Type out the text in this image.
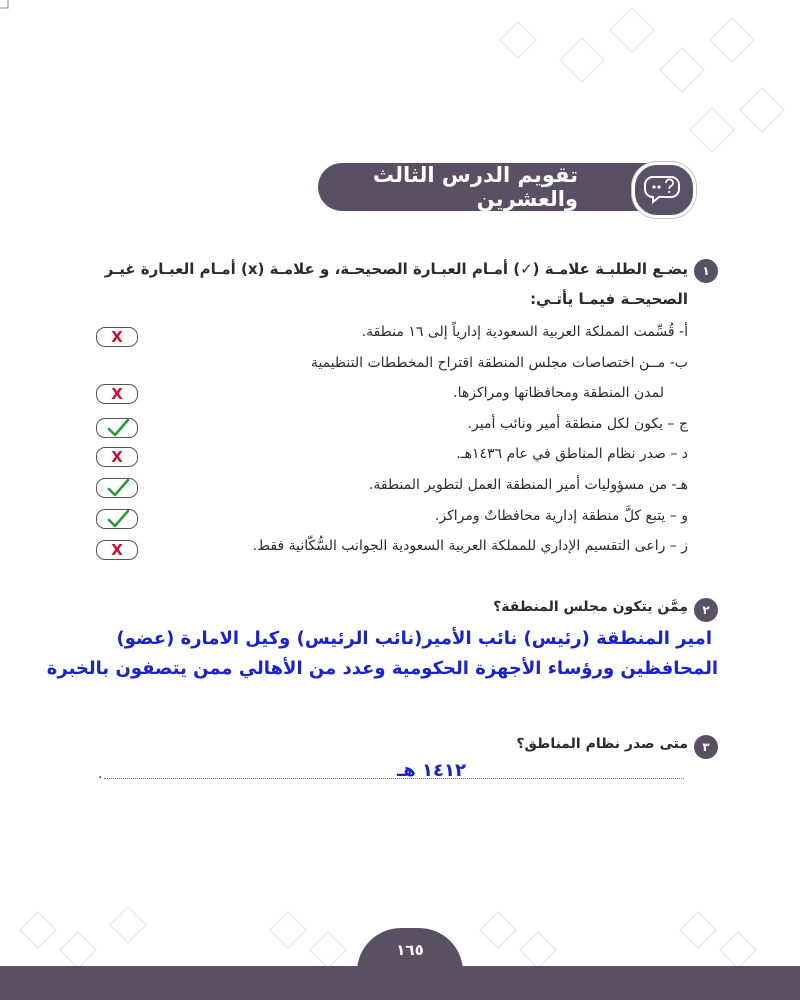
تقويم الدرس الثالث والعشرين
١
يضـع الطلبـة علامـة (✓) أمـام العبـارة الصحيحـة، و علامـة (x) أمـام العبـارة غيـر
الصحيحـة فيمـا يأتـي:
أ- قُسِّمت المملكة العربية السعودية إدارياً إلى ١٦ منطقة.
X
ب- مــن اختصاصات مجلس المنطقة اقتراح المخططات التنظيمية
لمدن المنطقة ومحافظاتها ومراكزها.
X
ج – يكون لكل منطقة أمير ونائب أمير.
د – صدر نظام المناطق في عام ١٤٣٦هـ.
X
هـ- من مسؤوليات أمير المنطقة العمل لتطوير المنطقة.
و – يتبع كلَّ منطقة إدارية محافظاتٌ ومراكز.
ز – راعى التقسيم الإداري للمملكة العربية السعودية الجوانب السُّكّانية فقط.
X
٢
مِمَّن يتكون مجلس المنطقة؟
امير المنطقة (رئيس) نائب الأمير(نائب الرئيس) وكيل الامارة (عضو)
المحافظين ورؤساء الأجهزة الحكومية وعدد من الأهالي ممن يتصفون بالخبرة
٣
متى صدر نظام المناطق؟
١٤١٢ هـ
.
١٦٥
